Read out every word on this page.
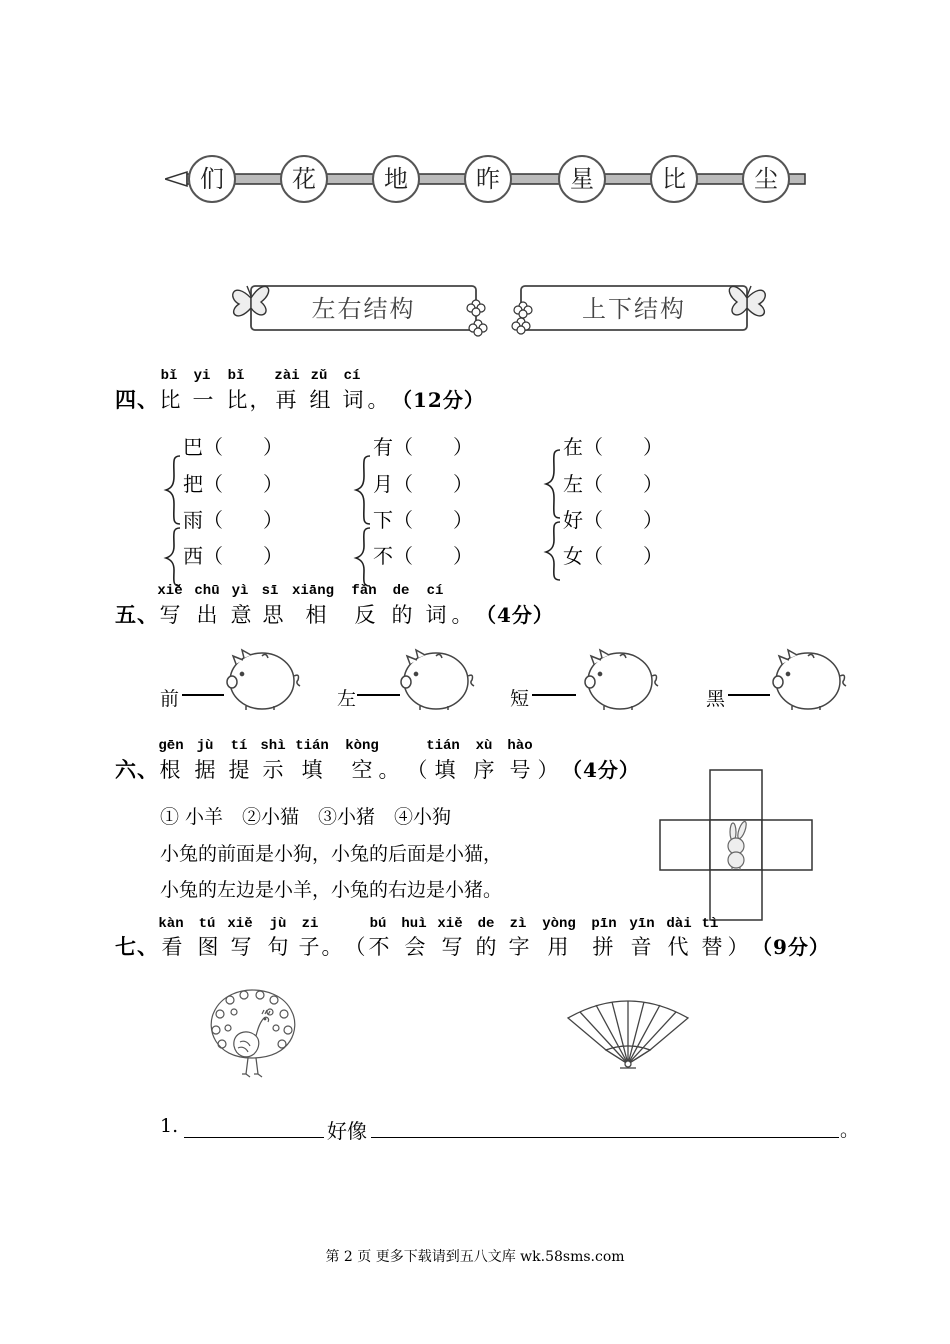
们	花	地	昨	星	比	尘
左右结构	上下结构
bǐ yi bǐ	zài zǔ	cí
四、 比 一 比 ， 再 组 词 。 （12分）
巴（　　）
把（　　）
雨（　　）
西（　　）
有（　　）
月（　　）
下（　　）
不（　　）
在（　　）
左（　　）
好（　　）
女（　　）
xiě chū yì sī xiāng fǎn	de	cí
五、 写 出 意 思 相 反 的 词 。 （4分）
前	左	短	黑
gēn jù tí shì tián	kòng	tián	xù	hào
六、 根 据 提 示 填 空 。 （ 填 序 号 ） （4分）
① 小羊　②小猫　③小猪　④小狗
小兔的前面是小狗，小兔的后面是小猫，
小兔的左边是小羊，小兔的右边是小猪。
kàn tú xiě jù zi	bú huì xiě	de	zì yòng	pīn yīn dài tì
七、 看 图 写 句 子 。 （ 不 会 写 的 字 用 拼 音 代 替 ） （9分）
1.	好像	。
第 2 页 更多下载请到五八文库 wk.58sms.com
